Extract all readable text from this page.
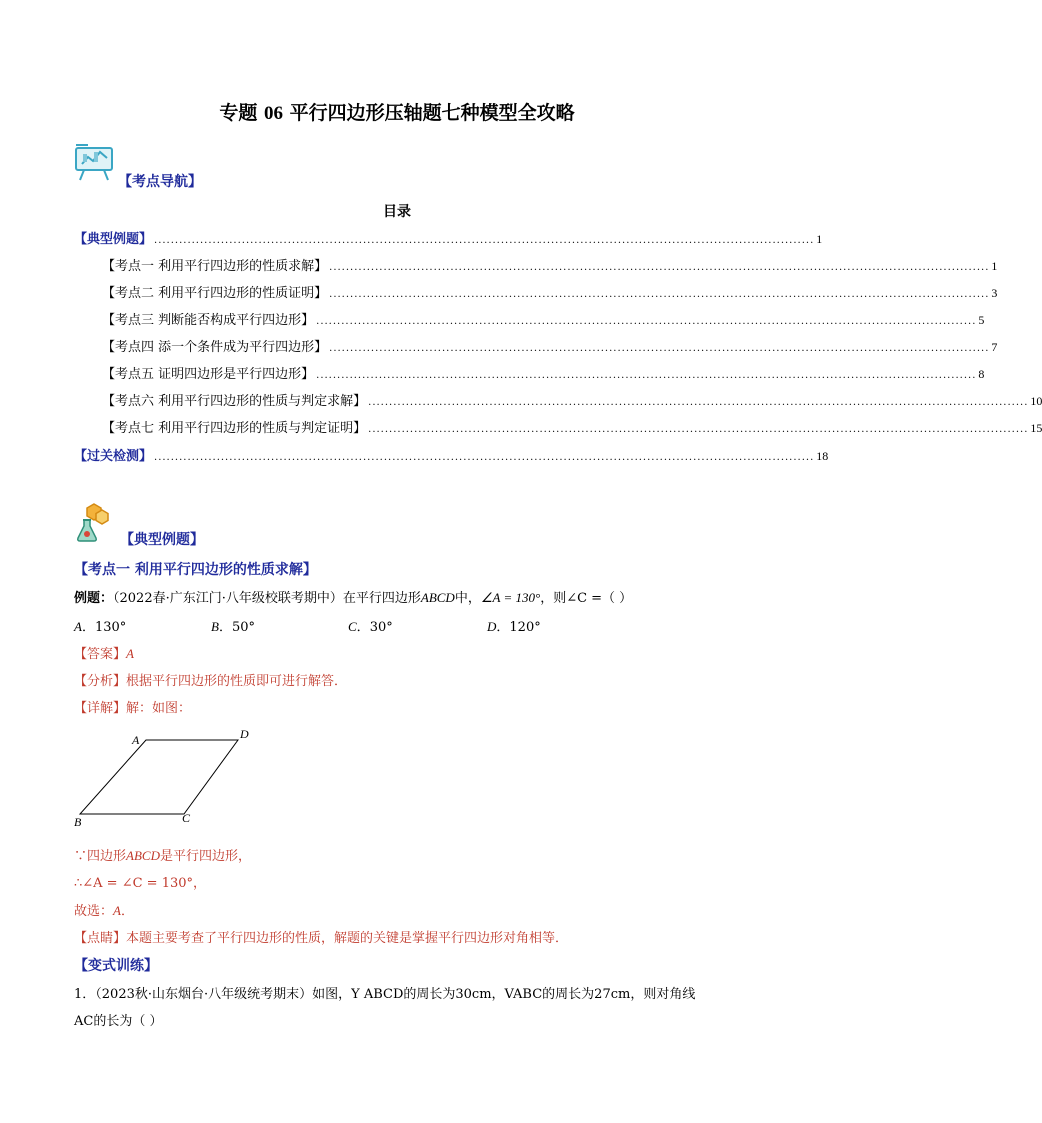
专题 06 平行四边形压轴题七种模型全攻略
【考点导航】
目录
【典型例题】 .............................................................................................................................................................. 1
【考点一 利用平行四边形的性质求解】 .............................................................................................................................................................. 1
【考点二 利用平行四边形的性质证明】 .............................................................................................................................................................. 3
【考点三 判断能否构成平行四边形】 .............................................................................................................................................................. 5
【考点四 添一个条件成为平行四边形】 .............................................................................................................................................................. 7
【考点五 证明四边形是平行四边形】 .............................................................................................................................................................. 8
【考点六 利用平行四边形的性质与判定求解】 .............................................................................................................................................................. 10
【考点七 利用平行四边形的性质与判定证明】 .............................................................................................................................................................. 15
【过关检测】 .............................................................................................................................................................. 18
【典型例题】
【考点一 利用平行四边形的性质求解】
例题：（2022春·广东江门·八年级校联考期中）在平行四边形ABCD中，∠A = 130°，则∠C =（ ）
A．130°	B．50°	C．30°	D．120°
【答案】A
【分析】根据平行四边形的性质即可进行解答．
【详解】解：如图：
A	D
B	C
∵四边形ABCD是平行四边形，
∴∠A = ∠C = 130°，
故选：A．
【点睛】本题主要考查了平行四边形的性质，解题的关键是掌握平行四边形对角相等．
【变式训练】
1．（2023秋·山东烟台·八年级统考期末）如图，Y ABCD的周长为30cm，VABC的周长为27cm，则对角线
AC的长为（ ）
